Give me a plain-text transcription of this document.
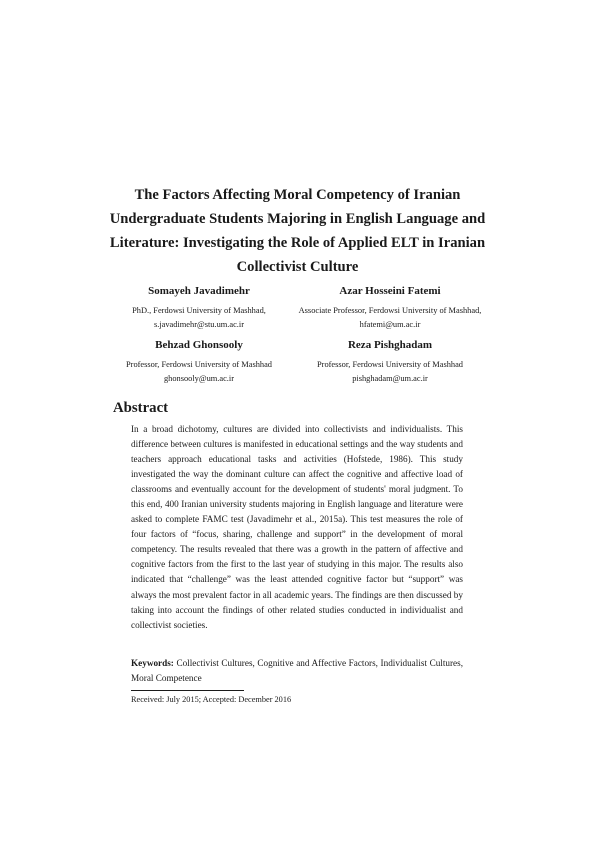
The Factors Affecting Moral Competency of Iranian
Undergraduate Students Majoring in English Language and
Literature: Investigating the Role of Applied ELT in Iranian
Collectivist Culture
Somayeh Javadimehr
PhD., Ferdowsi University of Mashhad,
s.javadimehr@stu.um.ac.ir
Azar Hosseini Fatemi
Associate Professor, Ferdowsi University of Mashhad,
hfatemi@um.ac.ir
Behzad Ghonsooly
Professor, Ferdowsi University of Mashhad
ghonsooly@um.ac.ir
Reza Pishghadam
Professor, Ferdowsi University of Mashhad
pishghadam@um.ac.ir
Abstract
In a broad dichotomy, cultures are divided into collectivists and individualists. This difference between cultures is manifested in educational settings and the way students and teachers approach educational tasks and activities (Hofstede, 1986). This study investigated the way the dominant culture can affect the cognitive and affective load of classrooms and eventually account for the development of students' moral judgment. To this end, 400 Iranian university students majoring in English language and literature were asked to complete FAMC test (Javadimehr et al., 2015a). This test measures the role of four factors of “focus, sharing, challenge and support” in the development of moral competency. The results revealed that there was a growth in the pattern of affective and cognitive factors from the first to the last year of studying in this major. The results also indicated that “challenge” was the least attended cognitive factor but “support” was always the most prevalent factor in all academic years. The findings are then discussed by taking into account the findings of other related studies conducted in individualist and collectivist societies.
Keywords: Collectivist Cultures, Cognitive and Affective Factors, Individualist Cultures, Moral Competence
Received: July 2015; Accepted: December 2016
